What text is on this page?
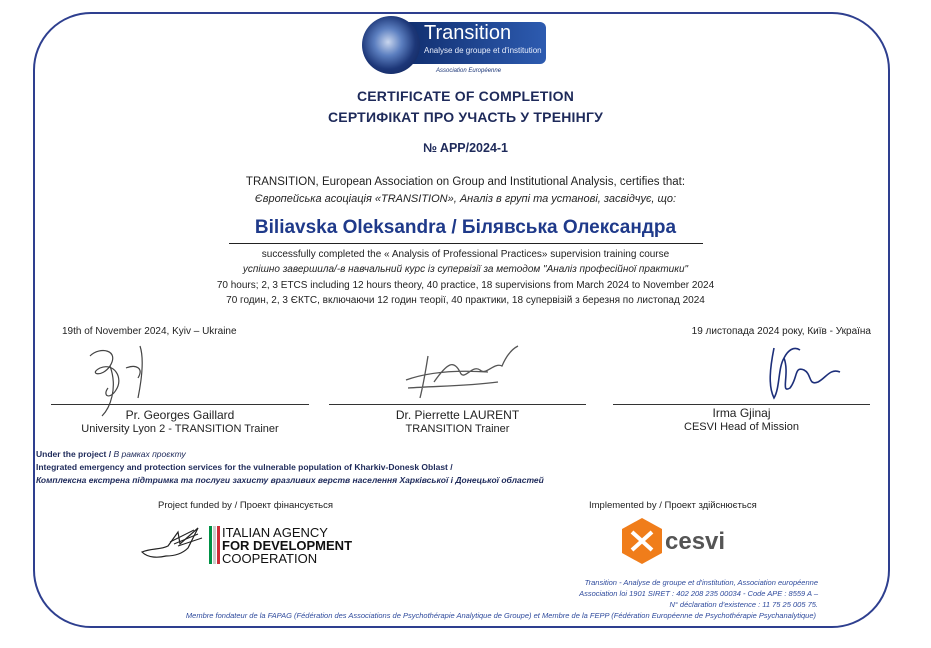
Transition
Analyse de groupe et d'institution
Association Européenne
CERTIFICATE OF COMPLETION
СЕРТИФІКАТ ПРО УЧАСТЬ У ТРЕНІНГУ
№ APP/2024-1
TRANSITION, European Association on Group and Institutional Analysis, certifies that:
Європейська асоціація «TRANSITION», Аналіз в групі та установі, засвідчує, що:
Biliavska Oleksandra / Білявська Олександра
successfully completed the « Analysis of Professional Practices» supervision training course
успішно завершила/-в навчальний курс із супервізії за методом "Аналіз професійної практики"
70 hours; 2, 3 ETCS including 12 hours theory, 40 practice, 18 supervisions from March 2024 to November 2024
70 годин, 2, 3 ЄКТС, включаючи 12 годин теорії, 40 практики, 18 супервізій з березня по листопад 2024
19th of November 2024, Kyiv – Ukraine	19 листопада 2024 року, Київ - Україна
Pr. Georges Gaillard
University Lyon 2 - TRANSITION Trainer
Dr. Pierrette LAURENT
TRANSITION Trainer
Irma Gjinaj
CESVI Head of Mission
Under the project / В рамках проєкту
Integrated emergency and protection services for the vulnerable population of Kharkiv-Donesk Oblast /
Комплексна екстрена підтримка та послуги захисту вразливих верств населення Харківської і Донецької областей
Project funded by / Проект фінансується	Implemented by / Проект здійснюється
ITALIAN AGENCY
FOR DEVELOPMENT
COOPERATION
cesvi
Transition - Analyse de groupe et d'institution, Association européenne
Association loi 1901 SIRET : 402 208 235 00034 - Code APE : 8559 A –
N° déclaration d'existence : 11 75 25 005 75.
Membre fondateur de la FAPAG (Fédération des Associations de Psychothérapie Analytique de Groupe) et Membre de la FEPP (Fédération Européenne de Psychothérapie Psychanalytique)
